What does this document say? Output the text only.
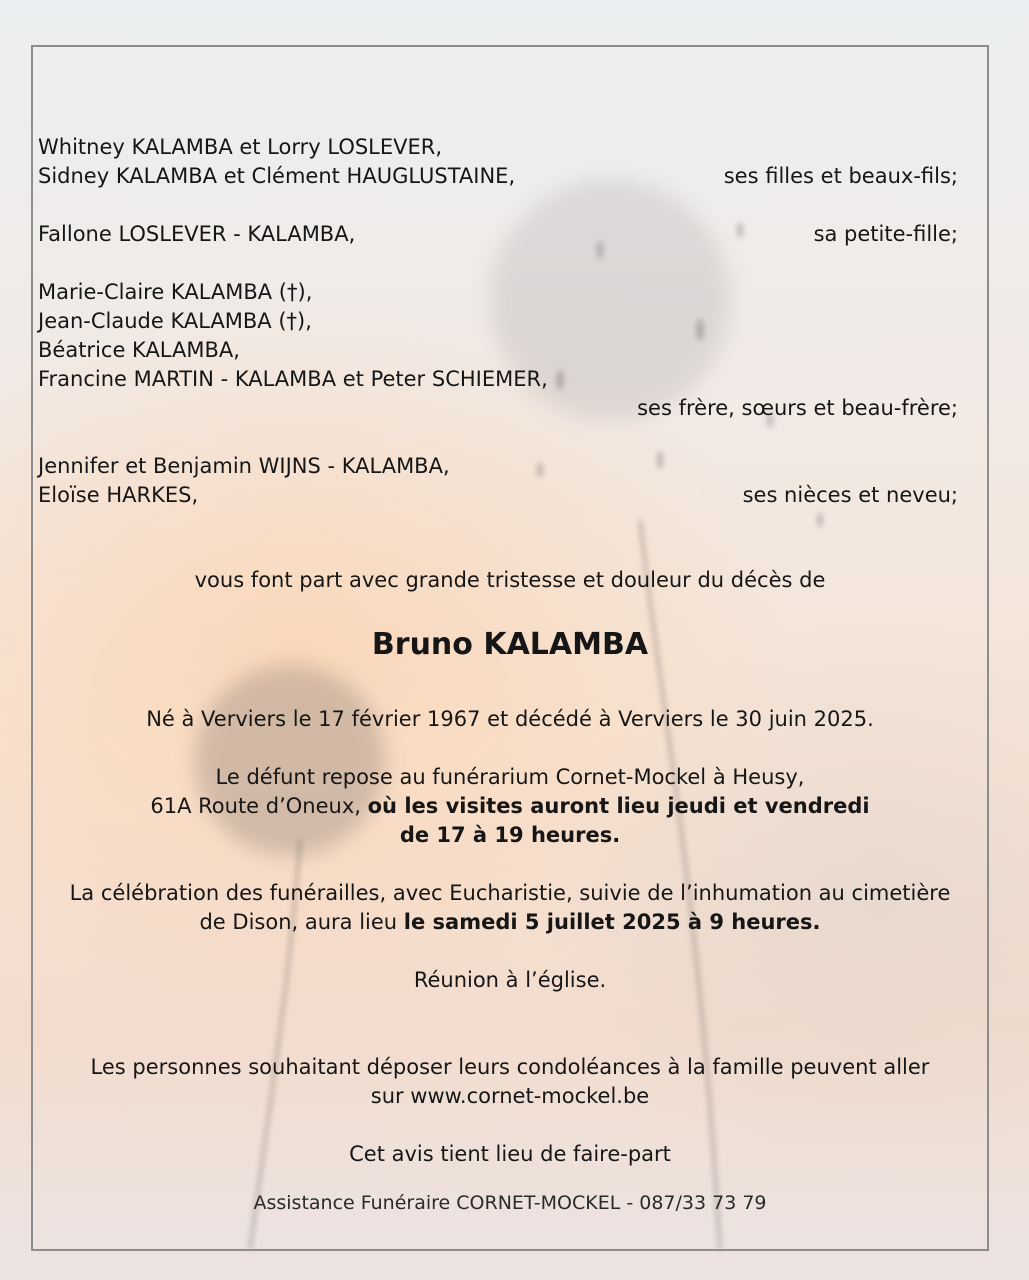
Whitney KALAMBA et Lorry LOSLEVER,
Sidney KALAMBA et Clément HAUGLUSTAINE,	ses filles et beaux-fils;
Fallone LOSLEVER - KALAMBA,	sa petite-fille;
Marie-Claire KALAMBA (†),
Jean-Claude KALAMBA (†),
Béatrice KALAMBA,
Francine MARTIN - KALAMBA et Peter SCHIEMER,
ses frère, sœurs et beau-frère;
Jennifer et Benjamin WIJNS - KALAMBA,
Eloïse HARKES,	ses nièces et neveu;
vous font part avec grande tristesse et douleur du décès de
Bruno KALAMBA
Né à Verviers le 17 février 1967 et décédé à Verviers le 30 juin 2025.
Le défunt repose au funérarium Cornet-Mockel à Heusy,
61A Route d’Oneux, où les visites auront lieu jeudi et vendredi
de 17 à 19 heures.
La célébration des funérailles, avec Eucharistie, suivie de l’inhumation au cimetière
de Dison, aura lieu le samedi 5 juillet 2025 à 9 heures.
Réunion à l’église.
Les personnes souhaitant déposer leurs condoléances à la famille peuvent aller
sur www.cornet-mockel.be
Cet avis tient lieu de faire-part
Assistance Funéraire CORNET-MOCKEL - 087/33 73 79
